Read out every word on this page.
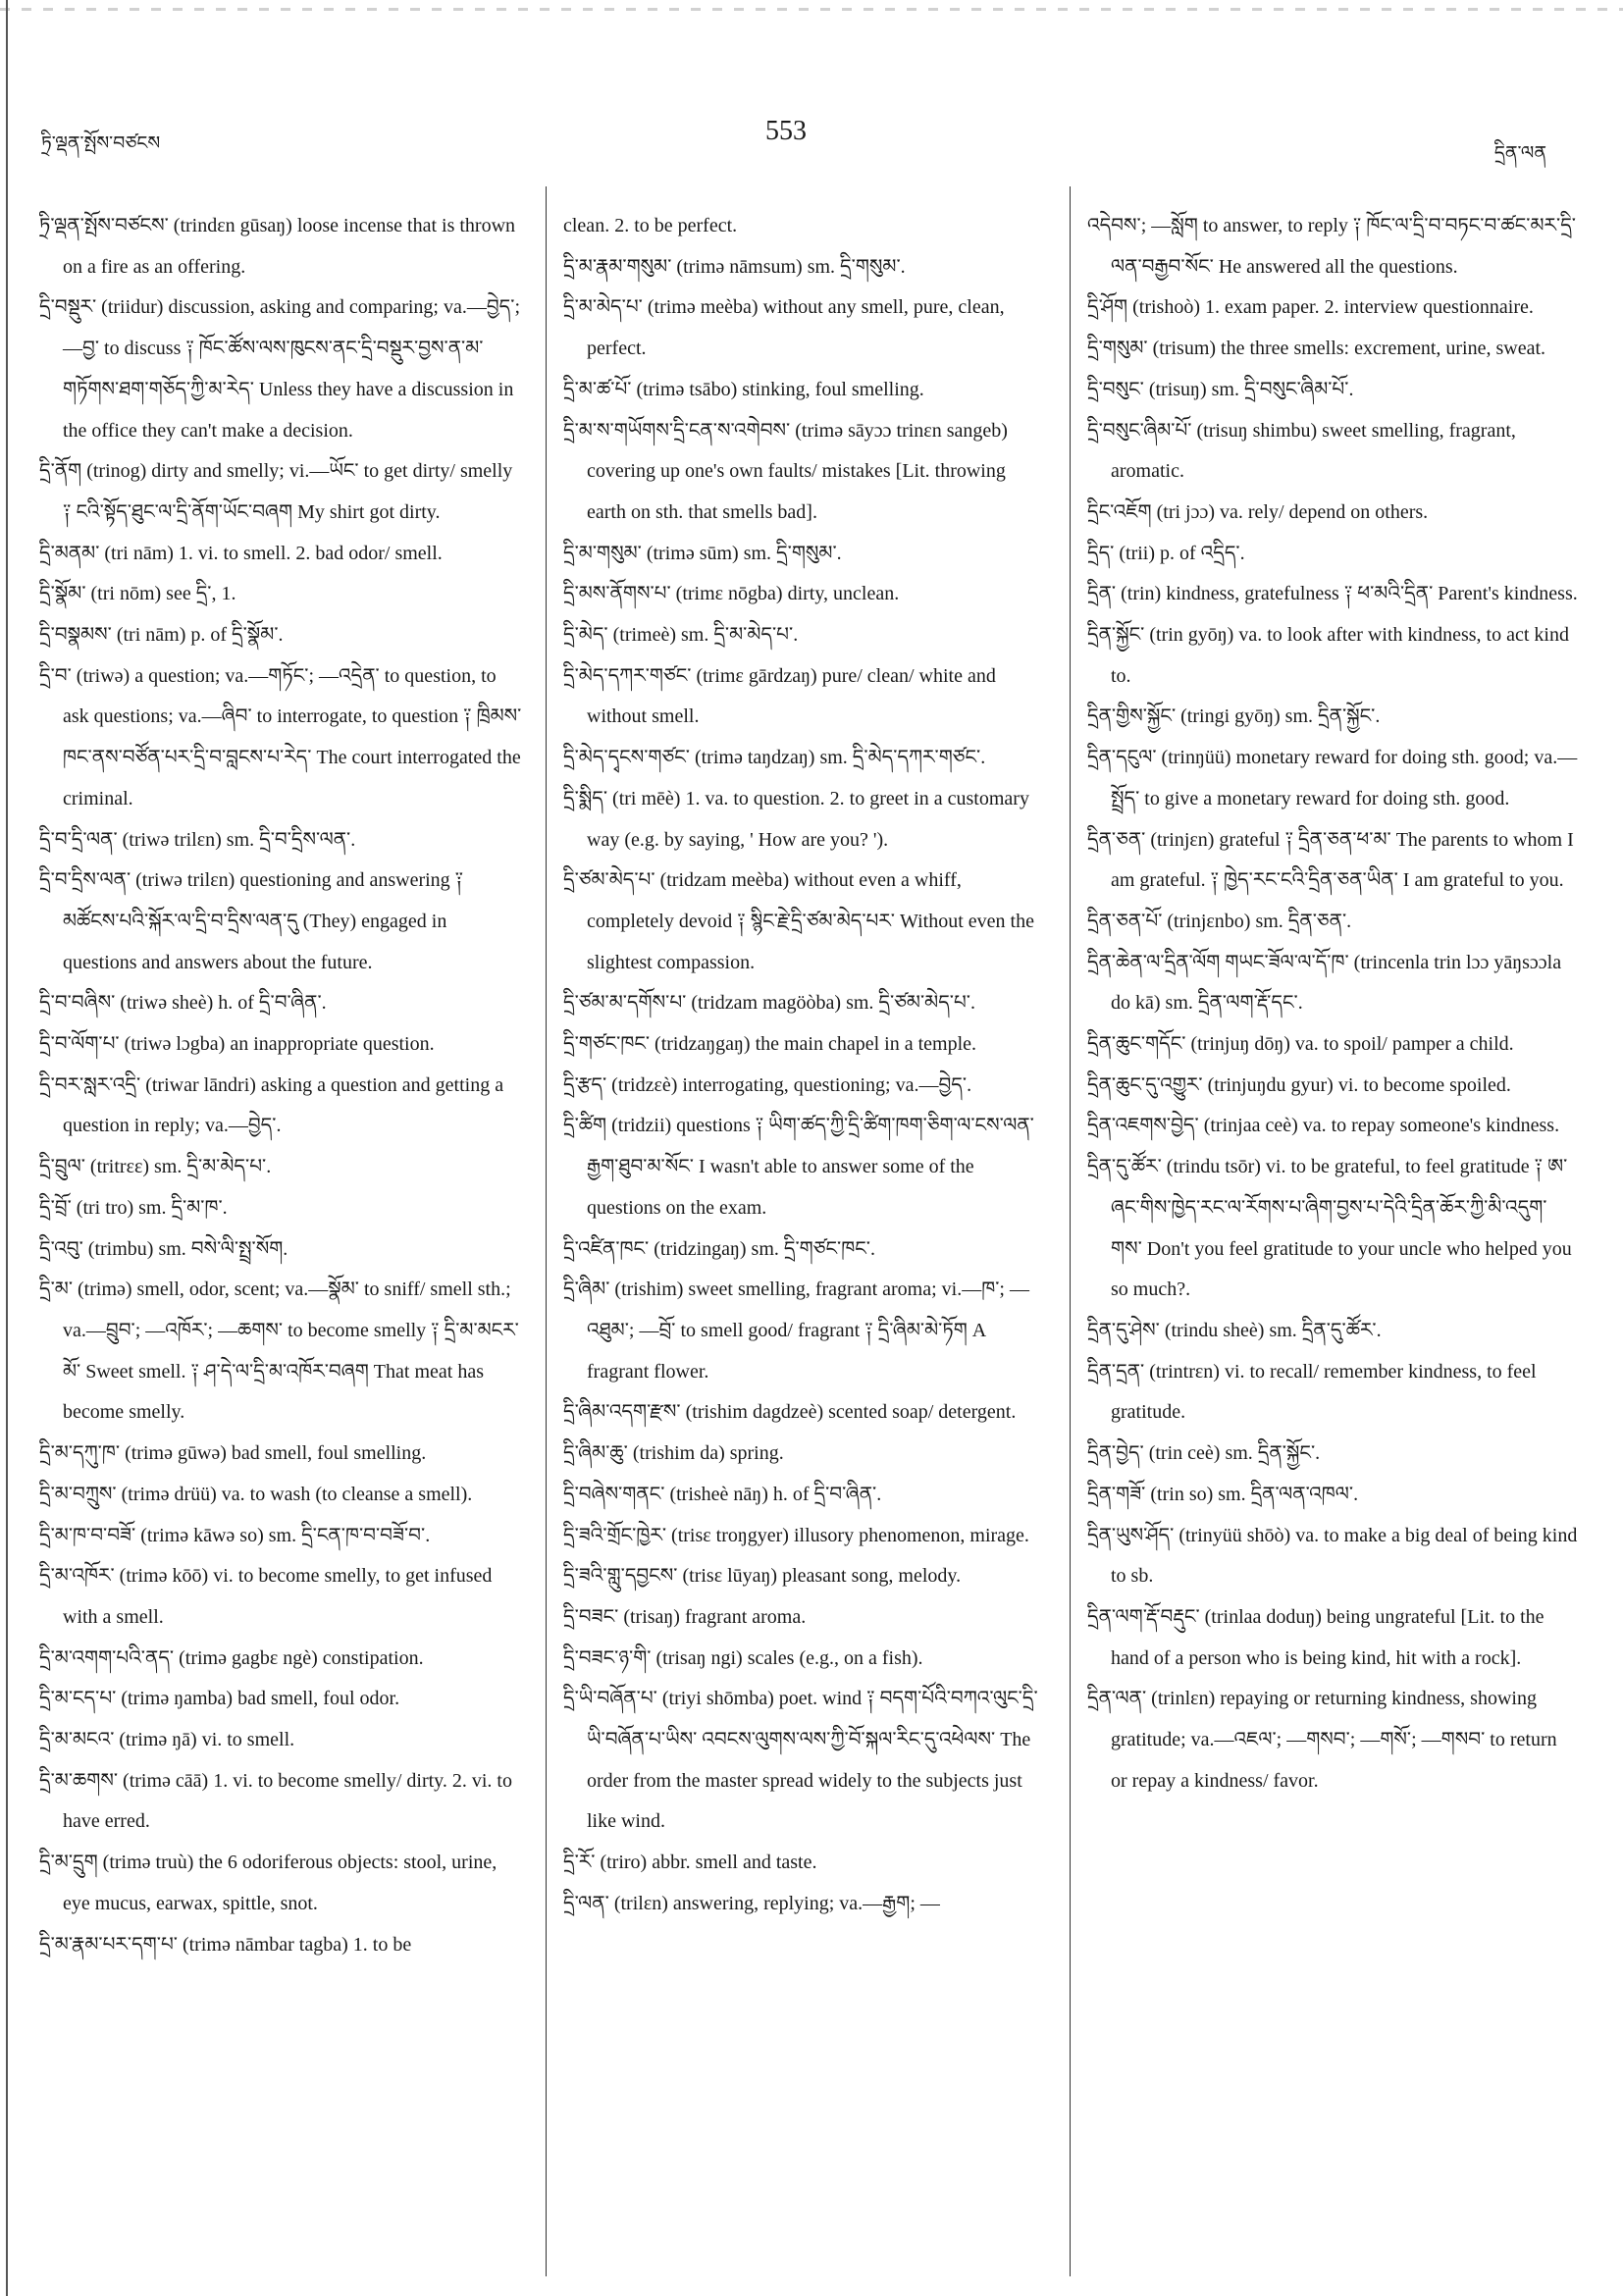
ཏྲི་ལྡན་སྤོས་བཙངས	553
དྲིན་ལན

ཏྲི་ལྡན་སྤོས་བཙངས་ (trindɛn gūsaŋ) loose incense that is thrown on a fire as an offering.

དྲི་བསྡུར་ (triidur) discussion, asking and comparing; va.—བྱེད་; —བྱ་ to discuss ༑ ཁོང་ཚོས་ལས་ཁུངས་ནང་དྲི་བསྡུར་བྱས་ན་མ་གཏོགས་ཐག་གཅོད་ཀྱི་མ་རེད་ Unless they have a discussion in the office they can't make a decision.

དྲི་ནོག (trinog) dirty and smelly; vi.—ཡོང་ to get dirty/ smelly ༑ ངའི་སྟོད་ཐུང་ལ་དྲི་ནོག་ཡོང་བཞག My shirt got dirty.

དྲི་མནམ་ (tri nām) 1. vi. to smell. 2. bad odor/ smell.

དྲི་སྣོམ་ (tri nōm) see དྲི་, 1.

དྲི་བསྣམས་ (tri nām) p. of དྲི་སྣོམ་.

དྲི་བ་ (triwə) a question; va.—གཏོང་; —འདྲེན་ to question, to ask questions; va.—ཞིབ་ to interrogate, to question ༑ ཁྲིམས་ཁང་ནས་བཙོན་པར་དྲི་བ་བླངས་པ་རེད་ The court interrogated the criminal.

དྲི་བ་དྲི་ལན་ (triwə trilɛn) sm. དྲི་བ་དྲིས་ལན་.

དྲི་བ་དྲིས་ལན་ (triwə trilɛn) questioning and answering ༑ མཚོངས་པའི་སྐོར་ལ་དྲི་བ་དྲིས་ལན་དུ (They) engaged in questions and answers about the future.

དྲི་བ་བཞིས་ (triwə sheè) h. of དྲི་བ་ཞིན་.

དྲི་བ་ལོག་པ་ (triwə lɔgba) an inappropriate question.

དྲི་བར་སླར་འདྲི་ (triwar lāndri) asking a question and getting a question in reply; va.—བྱེད་.

དྲི་བྲུལ་ (tritrɛɛ) sm. དྲི་མ་མེད་པ་.

དྲི་བྲོ་ (tri tro) sm. དྲི་མ་ཁ་.

དྲི་འབུ་ (trimbu) sm. བསེ་ལི་སྤྲ་སོག.

དྲི་མ་ (trimə) smell, odor, scent; va.—སྣོམ་ to sniff/ smell sth.; va.—བྲུབ་; —འཁོར་; —ཆགས་ to become smelly ༑ དྲི་མ་མངར་མོ་ Sweet smell. ༑ ཤ་དེ་ལ་དྲི་མ་འཁོར་བཞག That meat has become smelly.

དྲི་མ་དཀུ་ཁ་ (trimə gūwə) bad smell, foul smelling.

དྲི་མ་བཀྲུས་ (trimə drüü) va. to wash (to cleanse a smell).

དྲི་མ་ཁ་བ་བཟོ་ (trimə kāwə so) sm. དྲི་ངན་ཁ་བ་བཟོ་བ་.

དྲི་མ་འཁོར་ (trimə kōō) vi. to become smelly, to get infused with a smell.

དྲི་མ་འགག་པའི་ནད་ (trimə gagbɛ ngè) constipation.

དྲི་མ་ངད་པ་ (trimə ŋamba) bad smell, foul odor.

དྲི་མ་མངའ་ (trimə ŋā) vi. to smell.

དྲི་མ་ཆགས་ (trimə cāā) 1. vi. to become smelly/ dirty. 2. vi. to have erred.

དྲི་མ་དྲུག (trimə truù) the 6 odoriferous objects: stool, urine, eye mucus, earwax, spittle, snot.

དྲི་མ་རྣམ་པར་དག་པ་ (trimə nāmbar tagba) 1. to be

clean. 2. to be perfect.

དྲི་མ་རྣམ་གསུམ་ (trimə nāmsum) sm. དྲི་གསུམ་.

དྲི་མ་མེད་པ་ (trimə meèba) without any smell, pure, clean, perfect.

དྲི་མ་ཚ་པོ་ (trimə tsābo) stinking, foul smelling.

དྲི་མ་ས་གཡོགས་དྲི་ངན་ས་འགེབས་ (trimə sāyɔɔ trinɛn sangeb) covering up one's own faults/ mistakes [Lit. throwing earth on sth. that smells bad].

དྲི་མ་གསུམ་ (trimə sūm) sm. དྲི་གསུམ་.

དྲི་མས་ནོགས་པ་ (trimɛ nōgba) dirty, unclean.

དྲི་མེད་ (trimeè) sm. དྲི་མ་མེད་པ་.

དྲི་མེད་དཀར་གཙང་ (trimɛ gārdzaŋ) pure/ clean/ white and without smell.

དྲི་མེད་དྭངས་གཙང་ (trimə taŋdzaŋ) sm. དྲི་མེད་དཀར་གཙང་.

དྲི་སྨིད་ (tri mēè) 1. va. to question. 2. to greet in a customary way (e.g. by saying, ' How are you? ').

དྲི་ཙམ་མེད་པ་ (tridzam meèba) without even a whiff, completely devoid ༑ སྙིང་རྗེ་དྲི་ཙམ་མེད་པར་ Without even the slightest compassion.

དྲི་ཙམ་མ་དགོས་པ་ (tridzam magöòba) sm. དྲི་ཙམ་མེད་པ་.

དྲི་གཙང་ཁང་ (tridzaŋgaŋ) the main chapel in a temple.

དྲི་རྩད་ (tridzɛè) interrogating, questioning; va.—བྱེད་.

དྲི་ཚིག (tridzii) questions ༑ ཡིག་ཚད་ཀྱི་དྲི་ཚིག་ཁག་ཅིག་ལ་ངས་ལན་རྒྱག་ཐུབ་མ་སོང་ I wasn't able to answer some of the questions on the exam.

དྲི་འཛིན་ཁང་ (tridzingaŋ) sm. དྲི་གཙང་ཁང་.

དྲི་ཞིམ་ (trishim) sweet smelling, fragrant aroma; vi.—ཁ་; —འཐུམ་; —བྲོ་ to smell good/ fragrant ༑ དྲི་ཞིམ་མེ་ཏོག A fragrant flower.

དྲི་ཞིམ་འདག་རྫས་ (trishim dagdzeè) scented soap/ detergent.

དྲི་ཞིམ་ཆུ་ (trishim da) spring.

དྲི་བཞེས་གནང་ (trisheè nāŋ) h. of དྲི་བ་ཞིན་.

དྲི་ཟའི་གྲོང་ཁྱེར་ (trisɛ troŋgyer) illusory phenomenon, mirage.

དྲི་ཟའི་གླུ་དབྱངས་ (trisɛ lūyaŋ) pleasant song, melody.

དྲི་བཟང་ (trisaŋ) fragrant aroma.

དྲི་བཟང་ཉ་གི་ (trisaŋ ngi) scales (e.g., on a fish).

དྲི་ཡི་བཞོན་པ་ (triyi shōmba) poet. wind ༑ བདག་པོའི་བཀའ་ལུང་དྲི་ཡི་བཞོན་པ་ཡིས་ འབངས་ལུགས་ལས་ཀྱི་བོ་སྐལ་རིང་དུ་འཕེལས་ The order from the master spread widely to the subjects just like wind.

དྲི་རོ་ (triro) abbr. smell and taste.

དྲི་ལན་ (trilɛn) answering, replying; va.—རྒྱག; —

འདེབས་; —སློག to answer, to reply ༑ ཁོང་ལ་དྲི་བ་བཏང་བ་ཚང་མར་དྲི་ལན་བརྒྱབ་སོང་ He answered all the questions.

དྲི་ཤོག (trishoò) 1. exam paper. 2. interview questionnaire.

དྲི་གསུམ་ (trisum) the three smells: excrement, urine, sweat.

དྲི་བསུང་ (trisuŋ) sm. དྲི་བསུང་ཞིམ་པོ་.

དྲི་བསུང་ཞིམ་པོ་ (trisuŋ shimbu) sweet smelling, fragrant, aromatic.

དྲིང་འཇོག (tri jɔɔ) va. rely/ depend on others.

དྲིད་ (trii) p. of འདྲིད་.

དྲིན་ (trin) kindness, gratefulness ༑ ཕ་མའི་དྲིན་ Parent's kindness.

དྲིན་སྐྱོང་ (trin gyōŋ) va. to look after with kindness, to act kind to.

དྲིན་གྱིས་སྐྱོང་ (tringi gyōŋ) sm. དྲིན་སྐྱོང་.

དྲིན་དངུལ་ (trinŋüü) monetary reward for doing sth. good; va.—སྤྲོད་ to give a monetary reward for doing sth. good.

དྲིན་ཅན་ (trinjɛn) grateful ༑ དྲིན་ཅན་ཕ་མ་ The parents to whom I am grateful. ༑ ཁྱེད་རང་ངའི་དྲིན་ཅན་ཡིན་ I am grateful to you.

དྲིན་ཅན་པོ་ (trinjɛnbo) sm. དྲིན་ཅན་.

དྲིན་ཆེན་ལ་དྲིན་ལོག གཡང་ཟོལ་ལ་དོ་ཁ་ (trincenla trin lɔɔ yāŋsɔɔla do kā) sm. དྲིན་ལག་རྡོ་དང་.

དྲིན་ཆུང་གདོང་ (trinjuŋ dōŋ) va. to spoil/ pamper a child.

དྲིན་ཆུང་དུ་འགྱུར་ (trinjuŋdu gyur) vi. to become spoiled.

དྲིན་འཇགས་བྱེད་ (trinjaa ceè) va. to repay someone's kindness.

དྲིན་དུ་ཚོར་ (trindu tsōr) vi. to be grateful, to feel gratitude ༑ ཨ་ཞང་གིས་ཁྱེད་རང་ལ་རོགས་པ་ཞིག་བྱས་པ་དེའི་དྲིན་ཆོར་ཀྱི་མི་འདུག་གས་ Don't you feel gratitude to your uncle who helped you so much?.

དྲིན་དུ་ཤེས་ (trindu sheè) sm. དྲིན་དུ་ཚོར་.

དྲིན་དྲན་ (trintrɛn) vi. to recall/ remember kindness, to feel gratitude.

དྲིན་བྱེད་ (trin ceè) sm. དྲིན་སྐྱོང་.

དྲིན་གཟོ་ (trin so) sm. དྲིན་ལན་འཁལ་.

དྲིན་ཡུས་ཤོད་ (trinyüü shōò) va. to make a big deal of being kind to sb.

དྲིན་ལག་རྡོ་བརྡུང་ (trinlaa doduŋ) being ungrateful [Lit. to the hand of a person who is being kind, hit with a rock].

དྲིན་ལན་ (trinlɛn) repaying or returning kindness, showing gratitude; va.—འཇལ་; —གསབ་; —གསོ་; —གསབ་ to return or repay a kindness/ favor.
